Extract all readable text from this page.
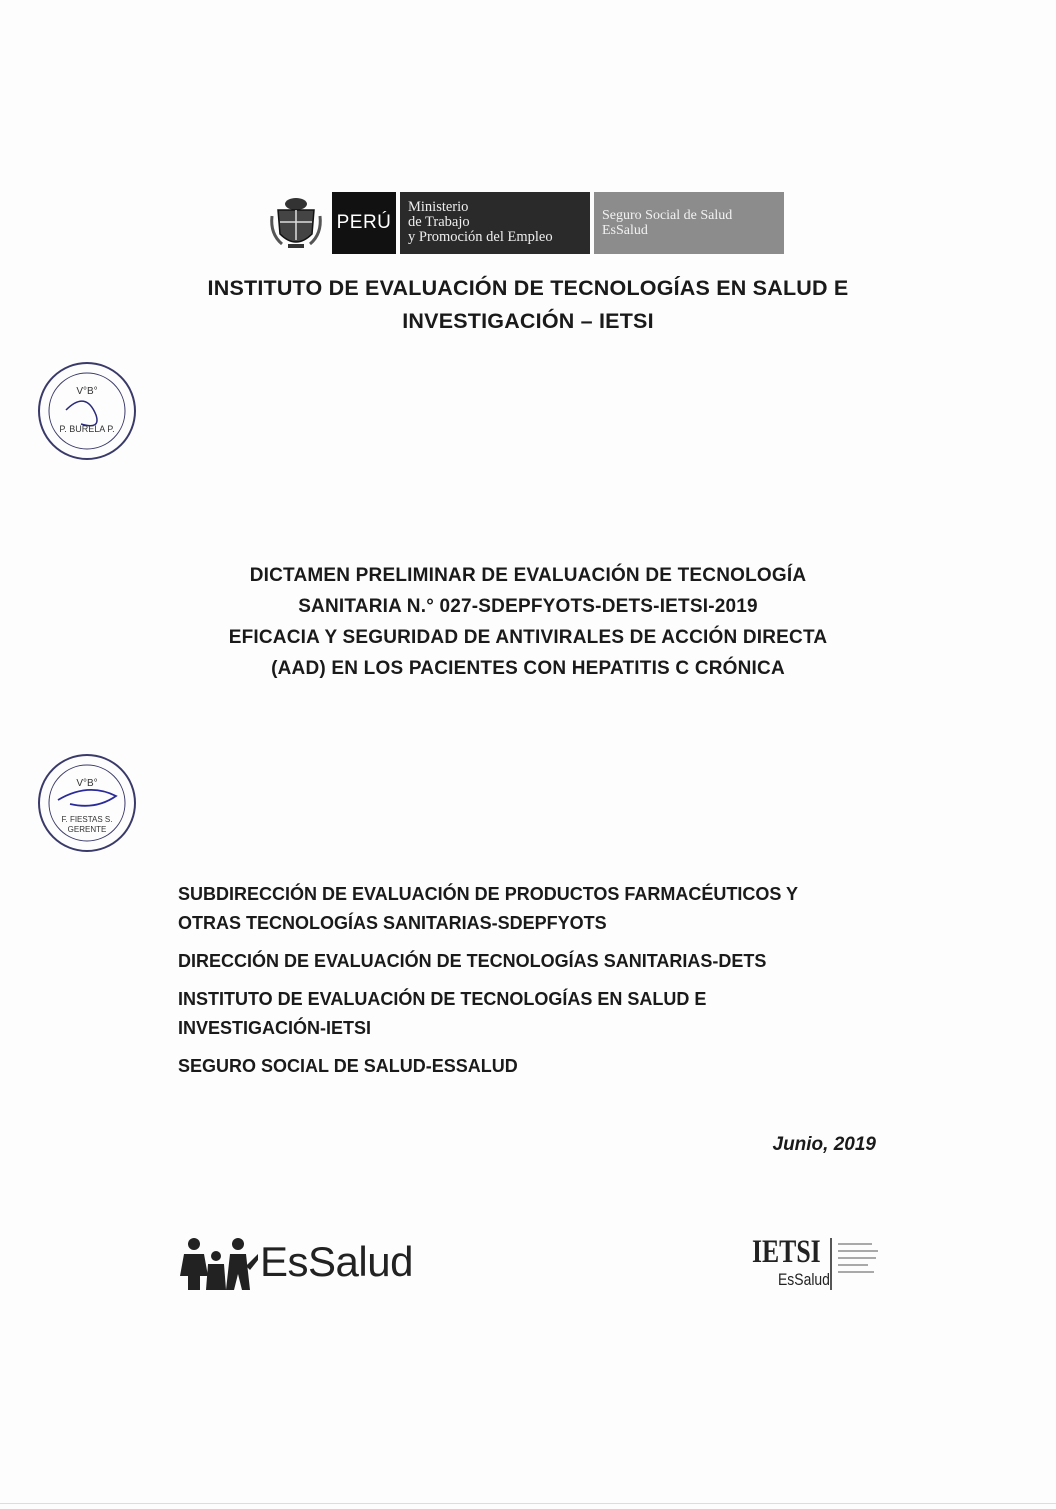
PERÚ
Ministerio
de Trabajo
y Promoción del Empleo
Seguro Social de Salud
EsSalud
INSTITUTO DE EVALUACIÓN DE TECNOLOGÍAS EN SALUD E
INVESTIGACIÓN – IETSI
V°B°
P. BURELA P.
DICTAMEN PRELIMINAR DE EVALUACIÓN DE TECNOLOGÍA
SANITARIA N.° 027-SDEPFYOTS-DETS-IETSI-2019
EFICACIA Y SEGURIDAD DE ANTIVIRALES DE ACCIÓN DIRECTA
(AAD) EN LOS PACIENTES CON HEPATITIS C CRÓNICA
V°B°
F. FIESTAS S.
GERENTE
SUBDIRECCIÓN DE EVALUACIÓN DE PRODUCTOS FARMACÉUTICOS Y
OTRAS TECNOLOGÍAS SANITARIAS-SDEPFYOTS
DIRECCIÓN DE EVALUACIÓN DE TECNOLOGÍAS SANITARIAS-DETS
INSTITUTO DE EVALUACIÓN DE TECNOLOGÍAS EN SALUD E
INVESTIGACIÓN-IETSI
SEGURO SOCIAL DE SALUD-ESSALUD
Junio, 2019
EsSalud	IETSI
EsSalud
